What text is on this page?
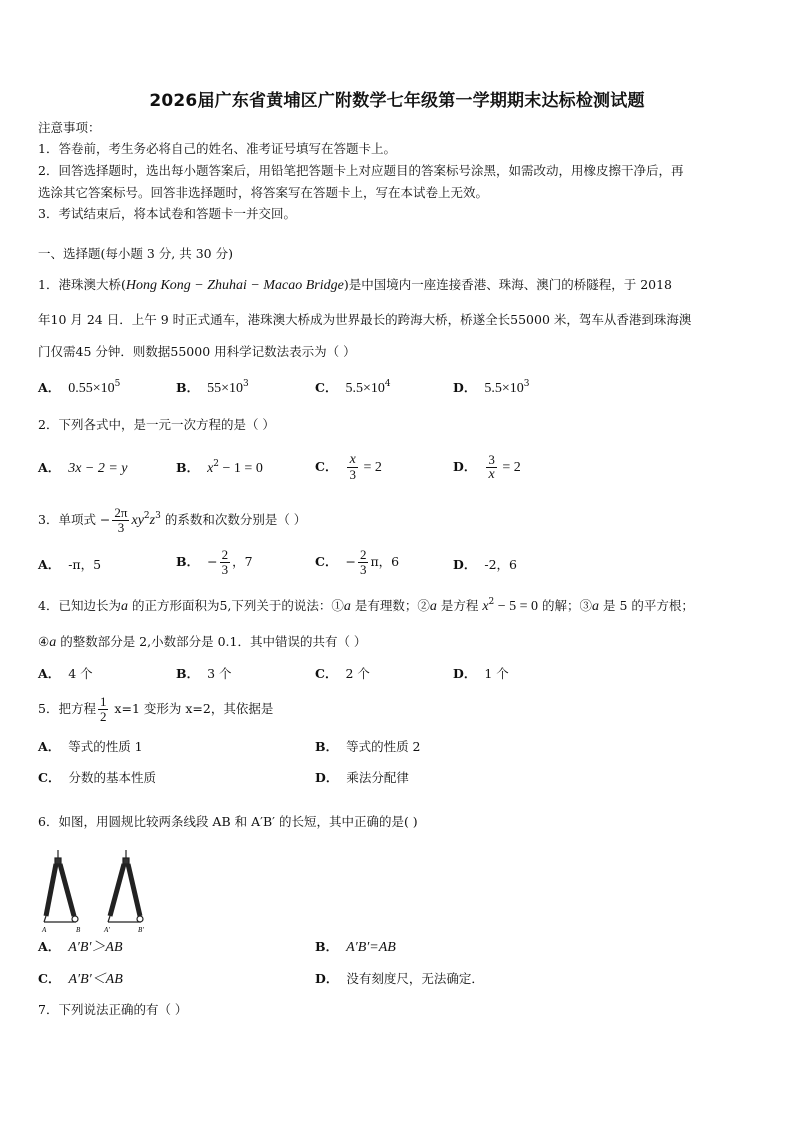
2026届广东省黄埔区广附数学七年级第一学期期末达标检测试题
注意事项：
1．答卷前，考生务必将自己的姓名、准考证号填写在答题卡上。
2．回答选择题时，选出每小题答案后，用铅笔把答题卡上对应题目的答案标号涂黑，如需改动，用橡皮擦干净后，再
选涂其它答案标号。回答非选择题时，将答案写在答题卡上，写在本试卷上无效。
3．考试结束后，将本试卷和答题卡一并交回。
一、选择题(每小题 3 分, 共 30 分)
1．港珠澳大桥(Hong Kong − Zhuhai − Macao Bridge)是中国境内一座连接香港、珠海、澳门的桥隧程，于 2018
年10 月 24 日．上午 9 时正式通车，港珠澳大桥成为世界最长的跨海大桥，桥遂全长55000 米，驾车从香港到珠海澳
门仅需45 分钟．则数据55000 用科学记数法表示为（ ）
A． $0.55\times 10^5$	B． $55\times 10^3$	C． $5.5\times 10^4$	D． $5.5\times 10^3$
2．下列各式中，是一元一次方程的是（ ）
A． 3x − 2 = y	B． $x^2 - 1 = 0$	C． $\frac{x}{3} = 2$	D． $\frac{3}{x} = 2$
3．单项式 − $\frac{2\pi}{3} xy^2z^3$ 的系数和次数分别是（ ）
A． -π，5	B． − $\frac{2}{3}$ ，7	C． − $\frac{2}{3}$ π，6	D． -2，6
4．已知边长为a 的正方形面积为5,下列关于的说法：①a 是有理数；②a 是方程 $x^2 - 5 = 0$ 的解；③a 是 5 的平方根；
④a 的整数部分是 2,小数部分是 0.1．其中错误的共有（ ）
A． 4 个	B． 3 个	C． 2 个	D． 1 个
5．把方程 $\frac{1}{2} x=1$ 变形为 x=2，其依据是
A． 等式的性质 1	B． 等式的性质 2
C． 分数的基本性质	D． 乘法分配律
6．如图，用圆规比较两条线段 AB 和 A′B′ 的长短，其中正确的是( )
A	B	A′	B′
A． A′B′＞AB	B． A′B′=AB
C． A′B′＜AB	D． 没有刻度尺，无法确定．
7．下列说法正确的有（ ）
